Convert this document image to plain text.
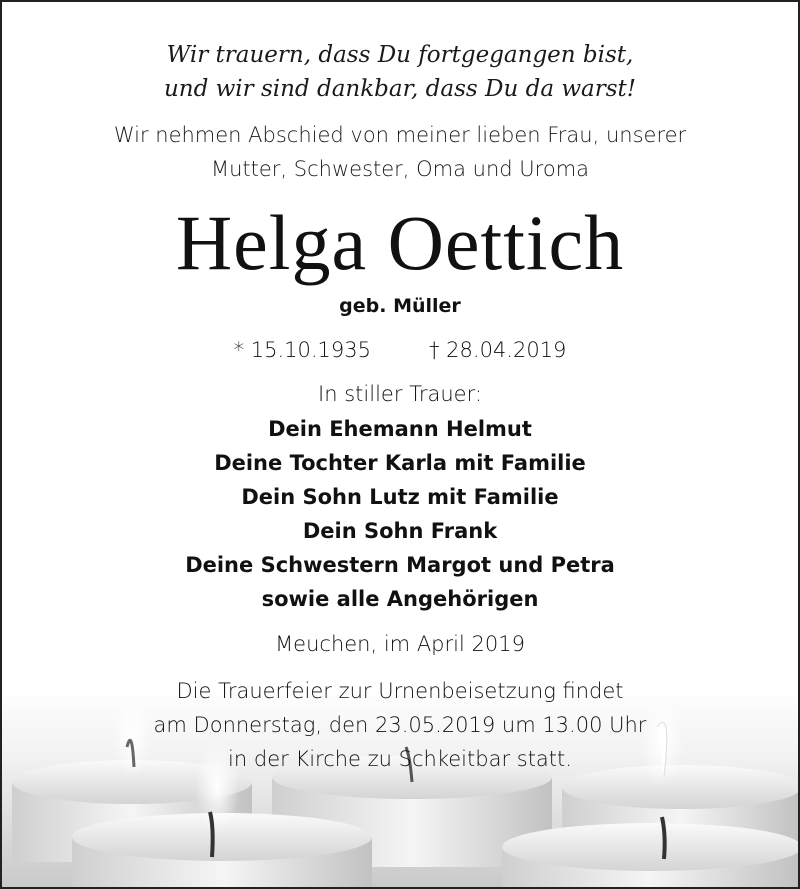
Wir trauern, dass Du fortgegangen bist,
und wir sind dankbar, dass Du da warst!
Wir nehmen Abschied von meiner lieben Frau, unserer
Mutter, Schwester, Oma und Uroma
Helga Oettich
geb. Müller
* 15.10.1935	† 28.04.2019
In stiller Trauer:
Dein Ehemann Helmut
Deine Tochter Karla mit Familie
Dein Sohn Lutz mit Familie
Dein Sohn Frank
Deine Schwestern Margot und Petra
sowie alle Angehörigen
Meuchen, im April 2019
Die Trauerfeier zur Urnenbeisetzung findet
am Donnerstag, den 23.05.2019 um 13.00 Uhr
in der Kirche zu Schkeitbar statt.
